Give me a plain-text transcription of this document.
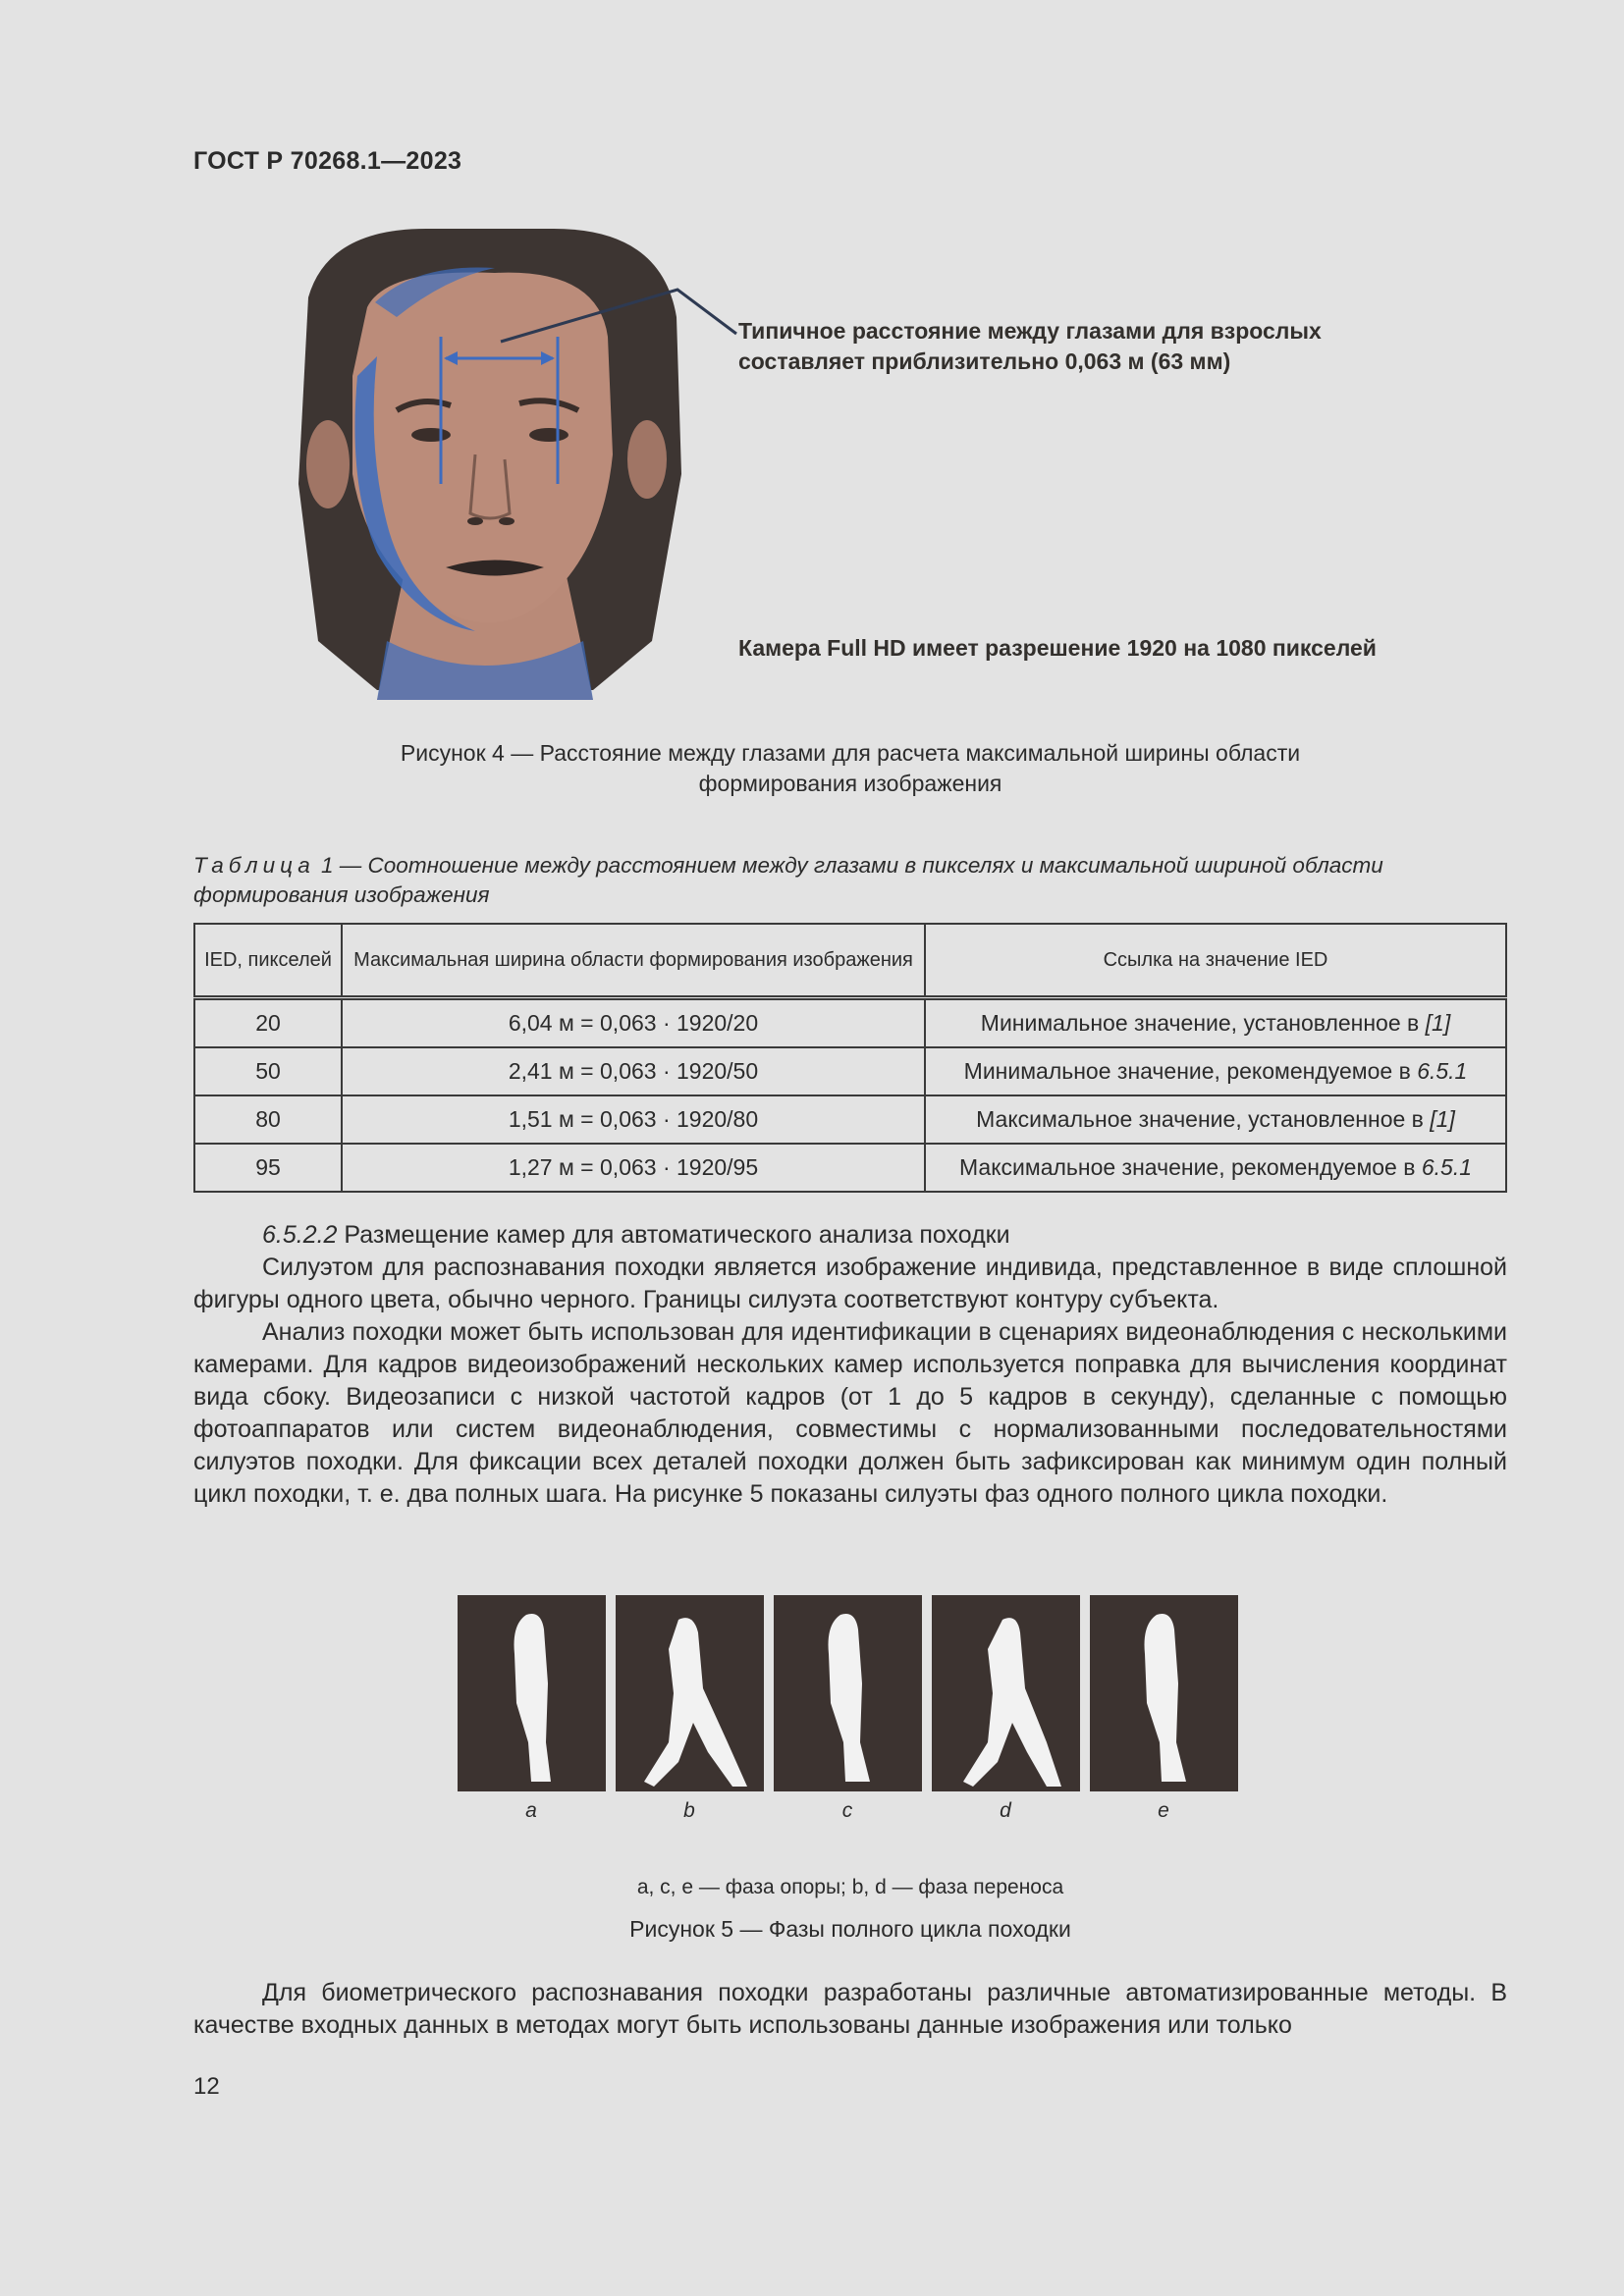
ГОСТ Р 70268.1—2023
Типичное расстояние между глазами для взрослых составляет приблизительно 0,063 м (63 мм)
Камера Full HD имеет разрешение 1920 на 1080 пикселей
Рисунок 4 — Расстояние между глазами для расчета максимальной ширины области
формирования изображения
Таблица 1 — Соотношение между расстоянием между глазами в пикселях и максимальной шириной области формирования изображения
IED, пикселей	Максимальная ширина области формирования изображения	Ссылка на значение IED
20	6,04 м = 0,063 · 1920/20	Минимальное значение, установленное в [1]
50	2,41 м = 0,063 · 1920/50	Минимальное значение, рекомендуемое в 6.5.1
80	1,51 м = 0,063 · 1920/80	Максимальное значение, установленное в [1]
95	1,27 м = 0,063 · 1920/95	Максимальное значение, рекомендуемое в 6.5.1
6.5.2.2 Размещение камер для автоматического анализа походки
Силуэтом для распознавания походки является изображение индивида, представленное в виде сплошной фигуры одного цвета, обычно черного. Границы силуэта соответствуют контуру субъекта.
Анализ походки может быть использован для идентификации в сценариях видеонаблюдения с несколькими камерами. Для кадров видеоизображений нескольких камер используется поправка для вычисления координат вида сбоку. Видеозаписи с низкой частотой кадров (от 1 до 5 кадров в секунду), сделанные с помощью фотоаппаратов или систем видеонаблюдения, совместимы с нормализованными последовательностями силуэтов походки. Для фиксации всех деталей походки должен быть зафиксирован как минимум один полный цикл походки, т. е. два полных шага. На рисунке 5 показаны силуэты фаз одного полного цикла походки.
а	b	c	d	e
а, c, e — фаза опоры; b, d — фаза переноса
Рисунок 5 — Фазы полного цикла походки
Для биометрического распознавания походки разработаны различные автоматизированные методы. В качестве входных данных в методах могут быть использованы данные изображения или только
12
